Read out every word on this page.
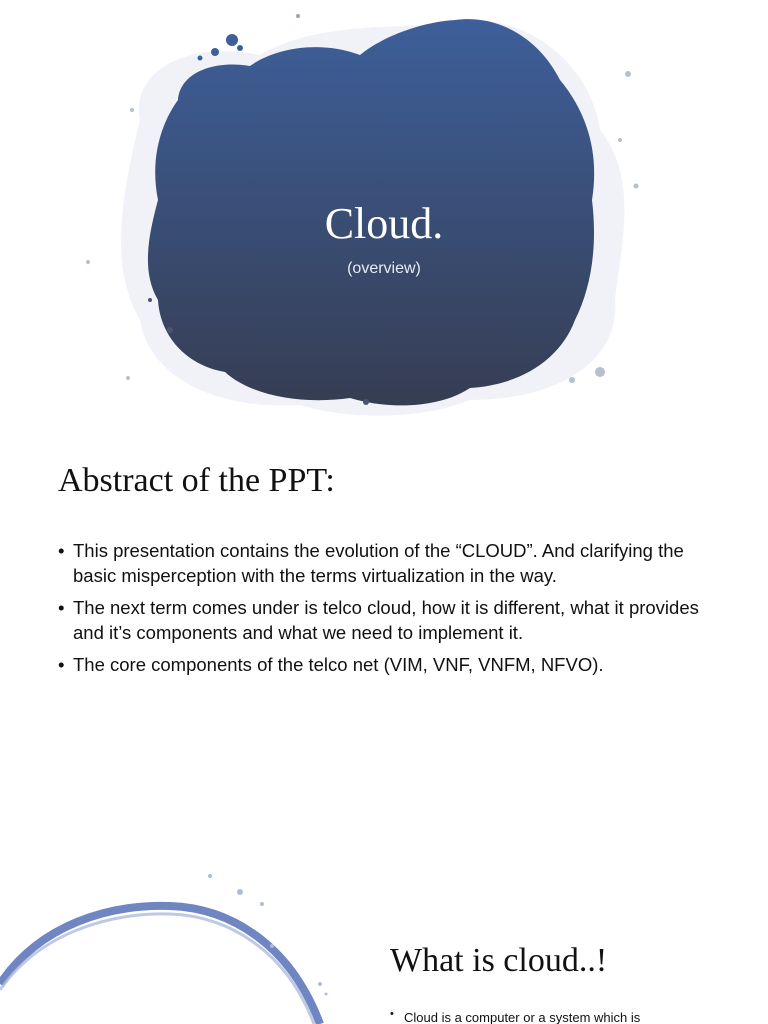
Cloud.
(overview)
Abstract of the PPT:
• This presentation contains the evolution of the “CLOUD”. And clarifying the basic misperception with the terms virtualization in the way.
• The next term comes under is telco cloud, how it is different, what it provides and it’s components and what we need to implement it.
• The core components of the telco net (VIM, VNF, VNFM, NFVO).
What is cloud..!
• Cloud is a computer or a system which is
